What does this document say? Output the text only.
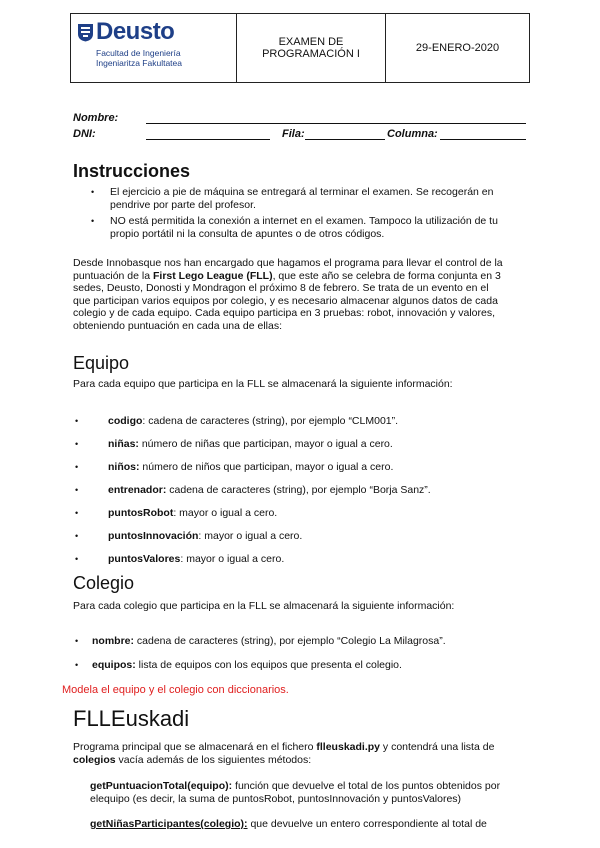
Deusto
Facultad de Ingeniería
Ingeniaritza Fakultatea
EXAMEN DE
PROGRAMACIÓN I	29-ENERO-2020
Nombre:
DNI:	Fila:	Columna:
Instrucciones
• El ejercicio a pie de máquina se entregará al terminar el examen. Se recogerán en
pendrive por parte del profesor.
• NO está permitida la conexión a internet en el examen. Tampoco la utilización de tu
propio portátil ni la consulta de apuntes o de otros códigos.
Desde Innobasque nos han encargado que hagamos el programa para llevar el control de la
puntuación de la First Lego League (FLL), que este año se celebra de forma conjunta en 3
sedes, Deusto, Donosti y Mondragon el próximo 8 de febrero. Se trata de un evento en el
que participan varios equipos por colegio, y es necesario almacenar algunos datos de cada
colegio y de cada equipo. Cada equipo participa en 3 pruebas: robot, innovación y valores,
obteniendo puntuación en cada una de ellas:
Equipo
Para cada equipo que participa en la FLL se almacenará la siguiente información:
•	codigo: cadena de caracteres (string), por ejemplo “CLM001”.
•	niñas: número de niñas que participan, mayor o igual a cero.
•	niños: número de niños que participan, mayor o igual a cero.
•	entrenador: cadena de caracteres (string), por ejemplo “Borja Sanz”.
•	puntosRobot: mayor o igual a cero.
•	puntosInnovación: mayor o igual a cero.
•	puntosValores: mayor o igual a cero.
Colegio
Para cada colegio que participa en la FLL se almacenará la siguiente información:
• nombre: cadena de caracteres (string), por ejemplo “Colegio La Milagrosa”.
• equipos: lista de equipos con los equipos que presenta el colegio.
Modela el equipo y el colegio con diccionarios.
FLLEuskadi
Programa principal que se almacenará en el fichero flleuskadi.py y contendrá una lista de
colegios vacía además de los siguientes métodos:
getPuntuacionTotal(equipo): función que devuelve el total de los puntos obtenidos por
elequipo (es decir, la suma de puntosRobot, puntosInnovación y puntosValores)
getNiñasParticipantes(colegio): que devuelve un entero correspondiente al total de
